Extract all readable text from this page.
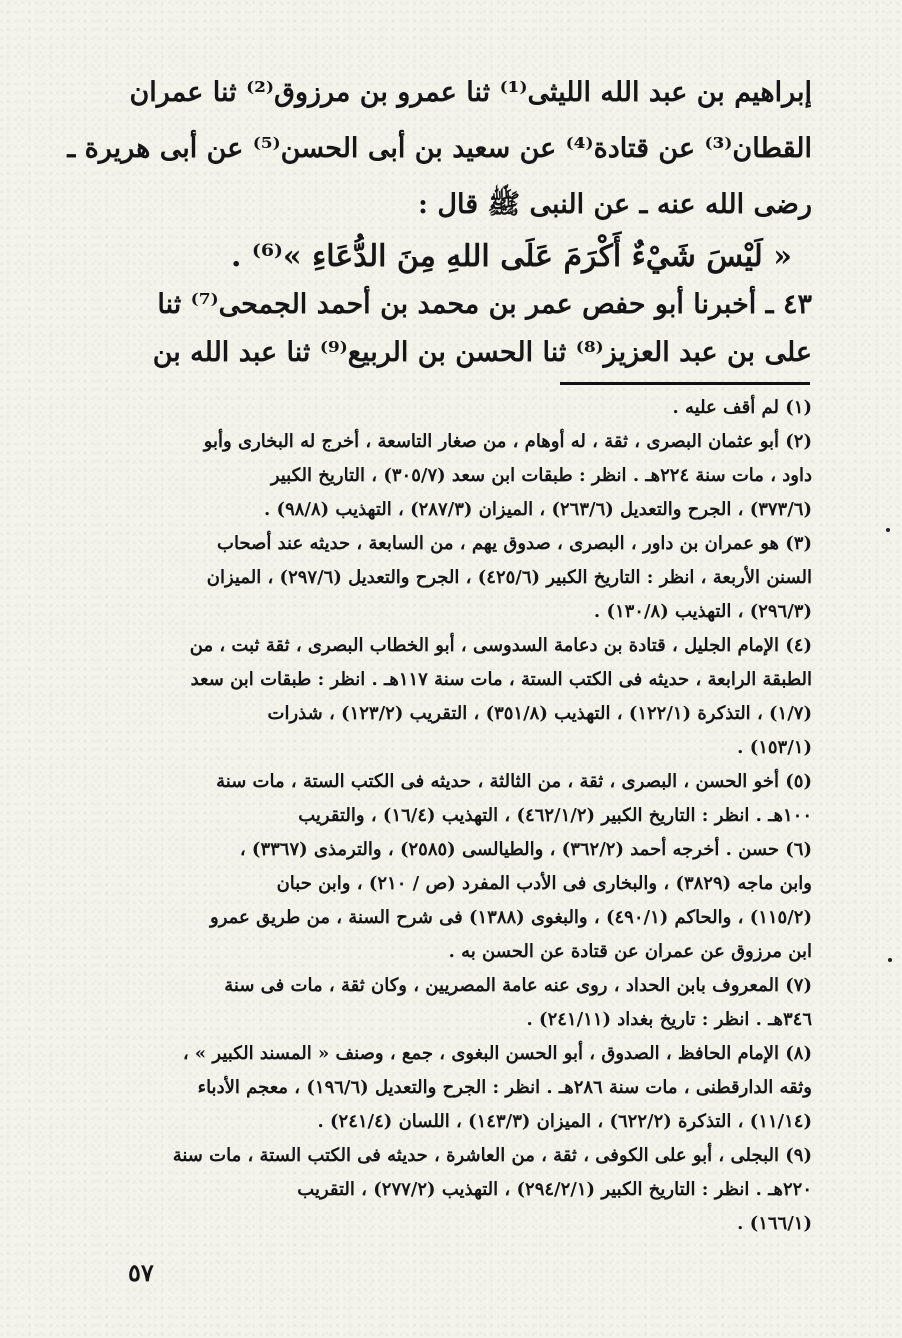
إبراهيم بن عبد الله الليثى⁽¹⁾ ثنا عمرو بن مرزوق⁽²⁾ ثنا عمران
القطان⁽³⁾ عن قتادة⁽⁴⁾ عن سعيد بن أبى الحسن⁽⁵⁾ عن أبى هريرة ـ
رضى الله عنه ـ عن النبى ﷺ قال :
« لَيْسَ شَيْءٌ أَكْرَمَ عَلَى اللهِ مِنَ الدُّعَاءِ »⁽⁶⁾ .
٤٣ ـ أخبرنا أبو حفص عمر بن محمد بن أحمد الجمحى⁽⁷⁾ ثنا
على بن عبد العزيز⁽⁸⁾ ثنا الحسن بن الربيع⁽⁹⁾ ثنا عبد الله بن
(١) لم أقف عليه .
(٢) أبو عثمان البصرى ، ثقة ، له أوهام ، من صغار التاسعة ، أخرج له البخارى وأبو
داود ، مات سنة ٢٢٤هـ . انظر : طبقات ابن سعد (٣٠٥/٧) ، التاريخ الكبير
(٣٧٣/٦) ، الجرح والتعديل (٢٦٣/٦) ، الميزان (٢٨٧/٣) ، التهذيب (٩٨/٨) .
(٣) هو عمران بن داور ، البصرى ، صدوق يهم ، من السابعة ، حديثه عند أصحاب
السنن الأربعة ، انظر : التاريخ الكبير (٤٢٥/٦) ، الجرح والتعديل (٢٩٧/٦) ، الميزان
(٢٩٦/٣) ، التهذيب (١٣٠/٨) .
(٤) الإمام الجليل ، قتادة بن دعامة السدوسى ، أبو الخطاب البصرى ، ثقة ثبت ، من
الطبقة الرابعة ، حديثه فى الكتب الستة ، مات سنة ١١٧هـ . انظر : طبقات ابن سعد
(١/٧) ، التذكرة (١٢٢/١) ، التهذيب (٣٥١/٨) ، التقريب (١٢٣/٢) ، شذرات
(١٥٣/١) .
(٥) أخو الحسن ، البصرى ، ثقة ، من الثالثة ، حديثه فى الكتب الستة ، مات سنة
١٠٠هـ . انظر : التاريخ الكبير (٤٦٢/١/٢) ، التهذيب (١٦/٤) ، والتقريب
(٦) حسن . أخرجه أحمد (٣٦٢/٢) ، والطيالسى (٢٥٨٥) ، والترمذى (٣٣٦٧) ،
وابن ماجه (٣٨٢٩) ، والبخارى فى الأدب المفرد (ص / ٢١٠) ، وابن حبان
(١١٥/٢) ، والحاكم (٤٩٠/١) ، والبغوى (١٣٨٨) فى شرح السنة ، من طريق عمرو
ابن مرزوق عن عمران عن قتادة عن الحسن به .
(٧) المعروف بابن الحداد ، روى عنه عامة المصريين ، وكان ثقة ، مات فى سنة
٣٤٦هـ . انظر : تاريخ بغداد (٢٤١/١١) .
(٨) الإمام الحافظ ، الصدوق ، أبو الحسن البغوى ، جمع ، وصنف « المسند الكبير » ،
وثقه الدارقطنى ، مات سنة ٢٨٦هـ . انظر : الجرح والتعديل (١٩٦/٦) ، معجم الأدباء
(١١/١٤) ، التذكرة (٦٢٢/٢) ، الميزان (١٤٣/٣) ، اللسان (٢٤١/٤) .
(٩) البجلى ، أبو على الكوفى ، ثقة ، من العاشرة ، حديثه فى الكتب الستة ، مات سنة
٢٢٠هـ . انظر : التاريخ الكبير (٢٩٤/٢/١) ، التهذيب (٢٧٧/٢) ، التقريب
(١٦٦/١) .
٥٧
